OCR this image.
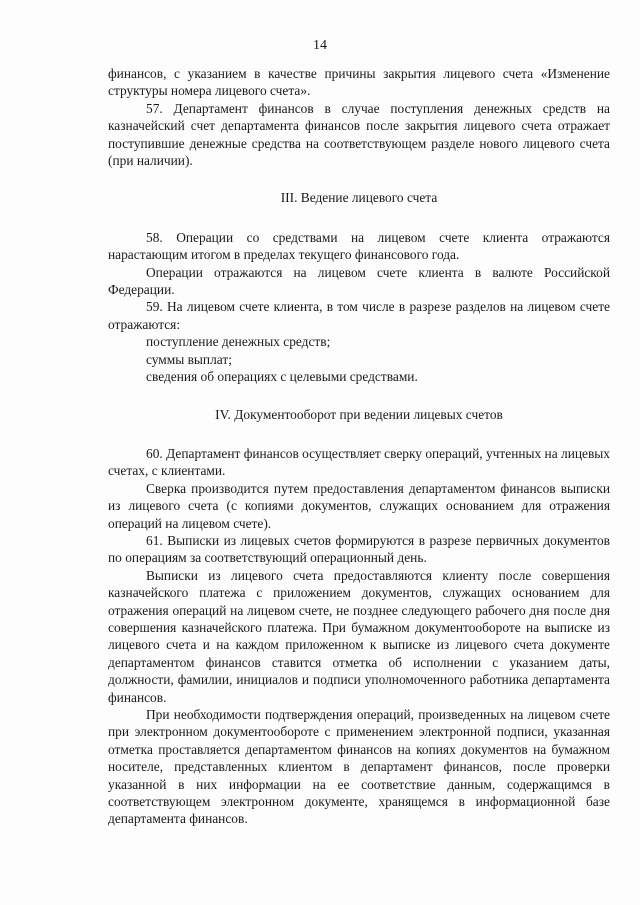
14

финансов, с указанием в качестве причины закрытия лицевого счета «Изменение структуры номера лицевого счета».

57. Департамент финансов в случае поступления денежных средств на казначейский счет департамента финансов после закрытия лицевого счета отражает поступившие денежные средства на соответствующем разделе нового лицевого счета (при наличии).

III. Ведение лицевого счета

58. Операции со средствами на лицевом счете клиента отражаются нарастающим итогом в пределах текущего финансового года.

Операции отражаются на лицевом счете клиента в валюте Российской Федерации.

59. На лицевом счете клиента, в том числе в разрезе разделов на лицевом счете отражаются:

поступление денежных средств;

суммы выплат;

сведения об операциях с целевыми средствами.

IV. Документооборот при ведении лицевых счетов

60. Департамент финансов осуществляет сверку операций, учтенных на лицевых счетах, с клиентами.

Сверка производится путем предоставления департаментом финансов выписки из лицевого счета (с копиями документов, служащих основанием для отражения операций на лицевом счете).

61. Выписки из лицевых счетов формируются в разрезе первичных документов по операциям за соответствующий операционный день.

Выписки из лицевого счета предоставляются клиенту после совершения казначейского платежа с приложением документов, служащих основанием для отражения операций на лицевом счете, не позднее следующего рабочего дня после дня совершения казначейского платежа. При бумажном документообороте на выписке из лицевого счета и на каждом приложенном к выписке из лицевого счета документе департаментом финансов ставится отметка об исполнении с указанием даты, должности, фамилии, инициалов и подписи уполномоченного работника департамента финансов.

При необходимости подтверждения операций, произведенных на лицевом счете при электронном документообороте с применением электронной подписи, указанная отметка проставляется департаментом финансов на копиях документов на бумажном носителе, представленных клиентом в департамент финансов, после проверки указанной в них информации на ее соответствие данным, содержащимся в соответствующем электронном документе, хранящемся в информационной базе департамента финансов.
